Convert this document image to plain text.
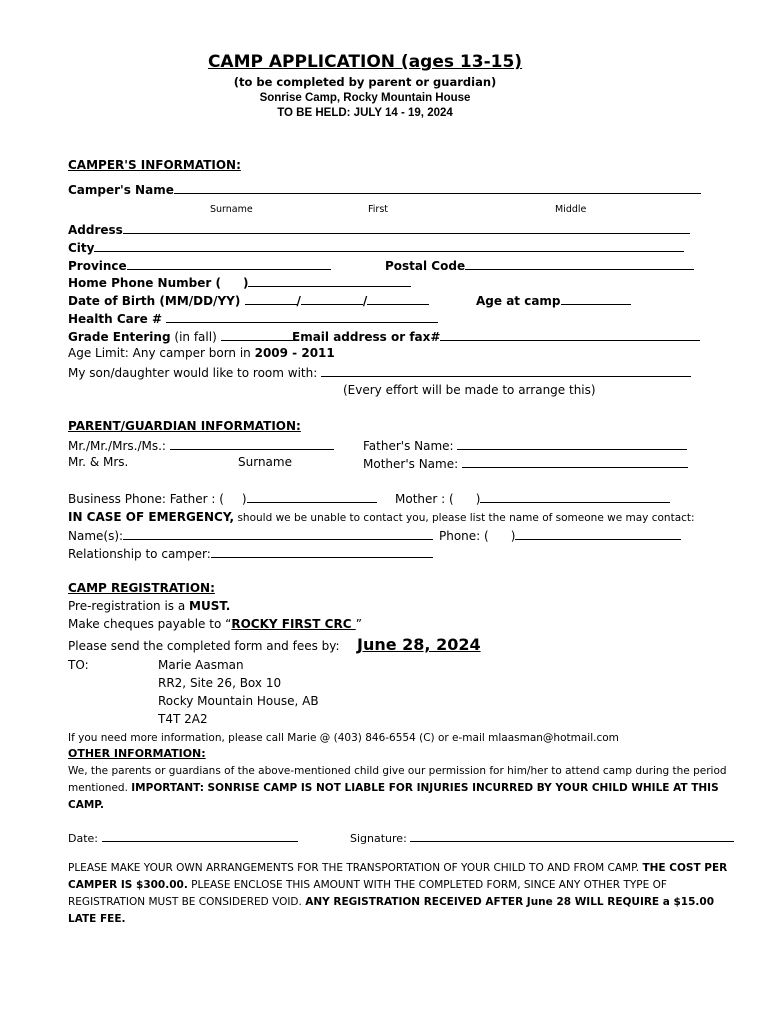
CAMP APPLICATION (ages 13-15)
(to be completed by parent or guardian)
Sonrise Camp, Rocky Mountain House
TO BE HELD: JULY 14 - 19, 2024
CAMPER'S INFORMATION:
Camper's Name
Surname	First	Middle
Address
City
Province	Postal Code
Home Phone Number ( )
Date of Birth (MM/DD/YY)	/	/	Age at camp
Health Care #
Grade Entering (in fall)	Email address or fax#
Age Limit: Any camper born in 2009 - 2011
My son/daughter would like to room with:
(Every effort will be made to arrange this)
PARENT/GUARDIAN INFORMATION:
Mr./Mr./Mrs./Ms.:	Father's Name:
Mr. & Mrs.	Surname	Mother's Name:
Business Phone: Father : ( )	Mother : ( )
IN CASE OF EMERGENCY, should we be unable to contact you, please list the name of someone we may contact:
Name(s):	Phone: ( )
Relationship to camper:
CAMP REGISTRATION:
Pre-registration is a MUST.
Make cheques payable to “ROCKY FIRST CRC ”
Please send the completed form and fees by: June 28, 2024
TO:	Marie Aasman
RR2, Site 26, Box 10
Rocky Mountain House, AB
T4T 2A2
If you need more information, please call Marie @ (403) 846-6554 (C) or e-mail mlaasman@hotmail.com
OTHER INFORMATION:
We, the parents or guardians of the above-mentioned child give our permission for him/her to attend camp during the period mentioned. IMPORTANT: SONRISE CAMP IS NOT LIABLE FOR INJURIES INCURRED BY YOUR CHILD WHILE AT THIS CAMP.
Date:	Signature:
PLEASE MAKE YOUR OWN ARRANGEMENTS FOR THE TRANSPORTATION OF YOUR CHILD TO AND FROM CAMP. THE COST PER CAMPER IS $300.00. PLEASE ENCLOSE THIS AMOUNT WITH THE COMPLETED FORM, SINCE ANY OTHER TYPE OF REGISTRATION MUST BE CONSIDERED VOID. ANY REGISTRATION RECEIVED AFTER June 28 WILL REQUIRE a $15.00 LATE FEE.
